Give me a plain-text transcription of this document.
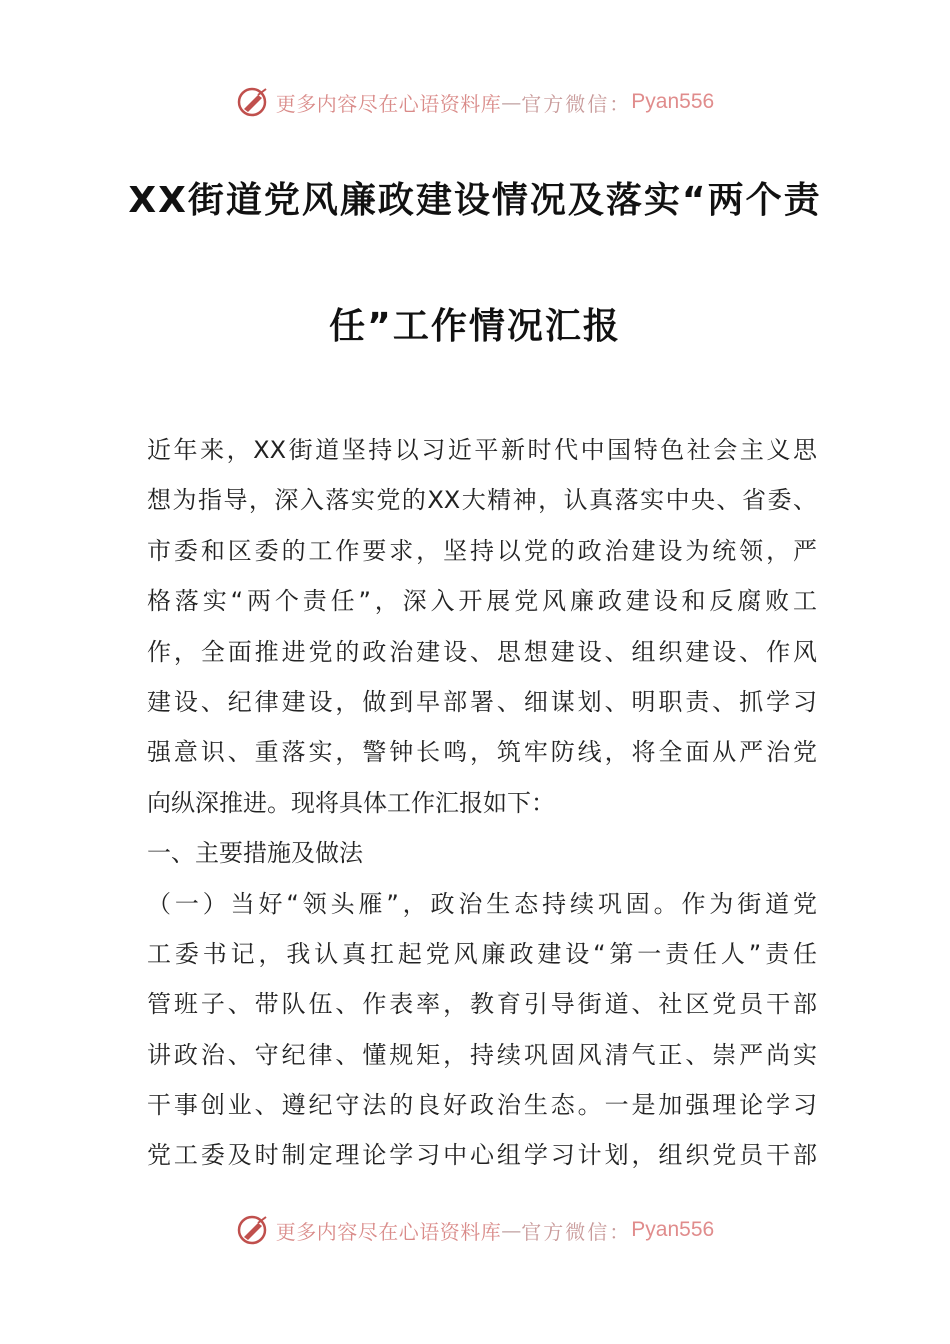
更多内容尽在心语资料库 — 官方微信： Pyan556
XX街道党风廉政建设情况及落实“两个责
任”工作情况汇报
近年来，XX街道坚持以习近平新时代中国特色社会主义思
想为指导，深入落实党的XX大精神，认真落实中央、省委、
市委和区委的工作要求，坚持以党的政治建设为统领，严
格落实“两个责任”，深入开展党风廉政建设和反腐败工
作，全面推进党的政治建设、思想建设、组织建设、作风
建设、纪律建设，做到早部署、细谋划、明职责、抓学习
强意识、重落实，警钟长鸣，筑牢防线，将全面从严治党
向纵深推进。现将具体工作汇报如下：
一、主要措施及做法
（一）当好“领头雁”，政治生态持续巩固。作为街道党
工委书记，我认真扛起党风廉政建设“第一责任人”责任
管班子、带队伍、作表率，教育引导街道、社区党员干部
讲政治、守纪律、懂规矩，持续巩固风清气正、崇严尚实
干事创业、遵纪守法的良好政治生态。一是加强理论学习
党工委及时制定理论学习中心组学习计划，组织党员干部
更多内容尽在心语资料库 — 官方微信： Pyan556
